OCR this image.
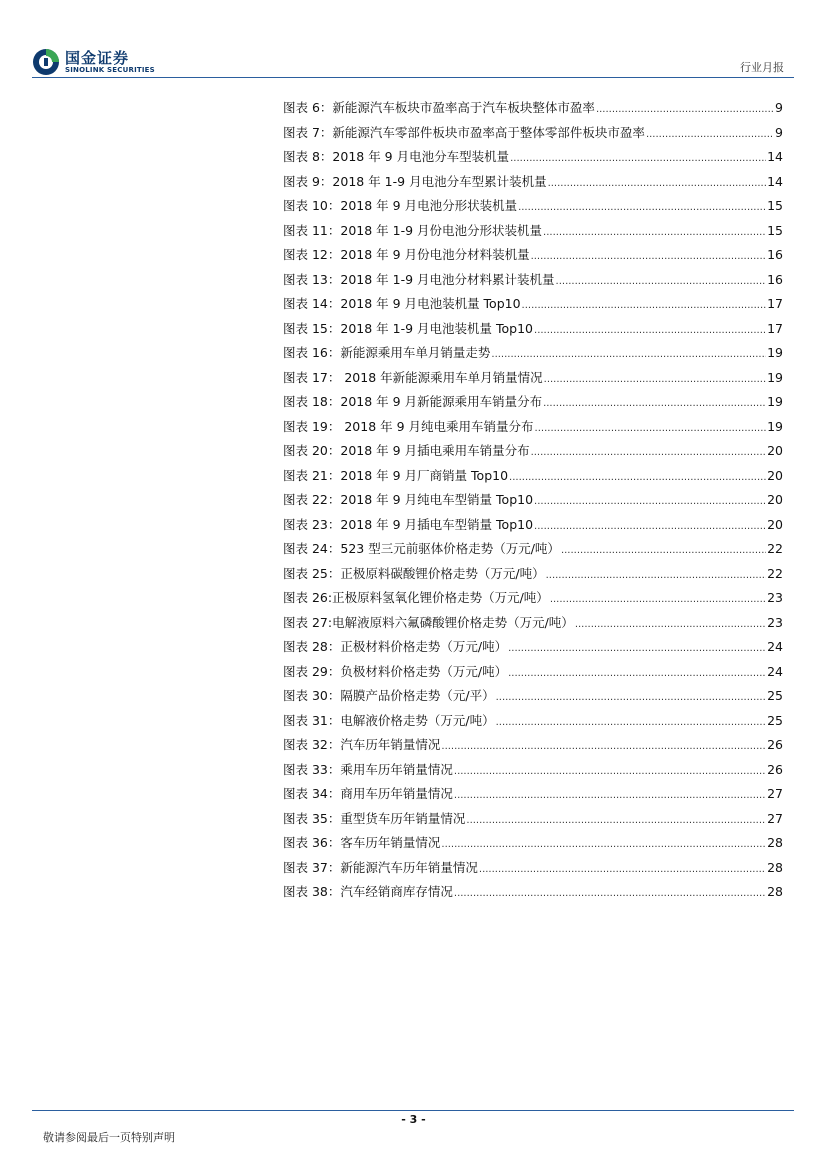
国金证券
SINOLINK SECURITIES	行业月报
图表 6：新能源汽车板块市盈率高于汽车板块整体市盈率 .....	9
图表 7：新能源汽车零部件板块市盈率高于整体零部件板块市盈率 .....	9
图表 8：2018 年 9 月电池分车型装机量 .....	14
图表 9：2018 年 1-9 月电池分车型累计装机量 .....	14
图表 10：2018 年 9 月电池分形状装机量 .....	15
图表 11：2018 年 1-9 月份电池分形状装机量 .....	15
图表 12：2018 年 9 月份电池分材料装机量 .....	16
图表 13：2018 年 1-9 月电池分材料累计装机量 .....	16
图表 14：2018 年 9 月电池装机量 Top10 .....	17
图表 15：2018 年 1-9 月电池装机量 Top10 .....	17
图表 16：新能源乘用车单月销量走势 .....	19
图表 17： 2018 年新能源乘用车单月销量情况 .....	19
图表 18：2018 年 9 月新能源乘用车销量分布 .....	19
图表 19： 2018 年 9 月纯电乘用车销量分布 .....	19
图表 20：2018 年 9 月插电乘用车销量分布 .....	20
图表 21：2018 年 9 月厂商销量 Top10 .....	20
图表 22：2018 年 9 月纯电车型销量 Top10 .....	20
图表 23：2018 年 9 月插电车型销量 Top10 .....	20
图表 24：523 型三元前驱体价格走势（万元/吨） .....	22
图表 25：正极原料碳酸锂价格走势（万元/吨） .....	22
图表 26:正极原料氢氧化锂价格走势（万元/吨） .....	23
图表 27:电解液原料六氟磷酸锂价格走势（万元/吨） .....	23
图表 28：正极材料价格走势（万元/吨） .....	24
图表 29：负极材料价格走势（万元/吨） .....	24
图表 30：隔膜产品价格走势（元/平） .....	25
图表 31：电解液价格走势（万元/吨） .....	25
图表 32：汽车历年销量情况 .....	26
图表 33：乘用车历年销量情况 .....	26
图表 34：商用车历年销量情况 .....	27
图表 35：重型货车历年销量情况 .....	27
图表 36：客车历年销量情况 .....	28
图表 37：新能源汽车历年销量情况 .....	28
图表 38：汽车经销商库存情况 .....	28
- 3 -
敬请参阅最后一页特别声明
